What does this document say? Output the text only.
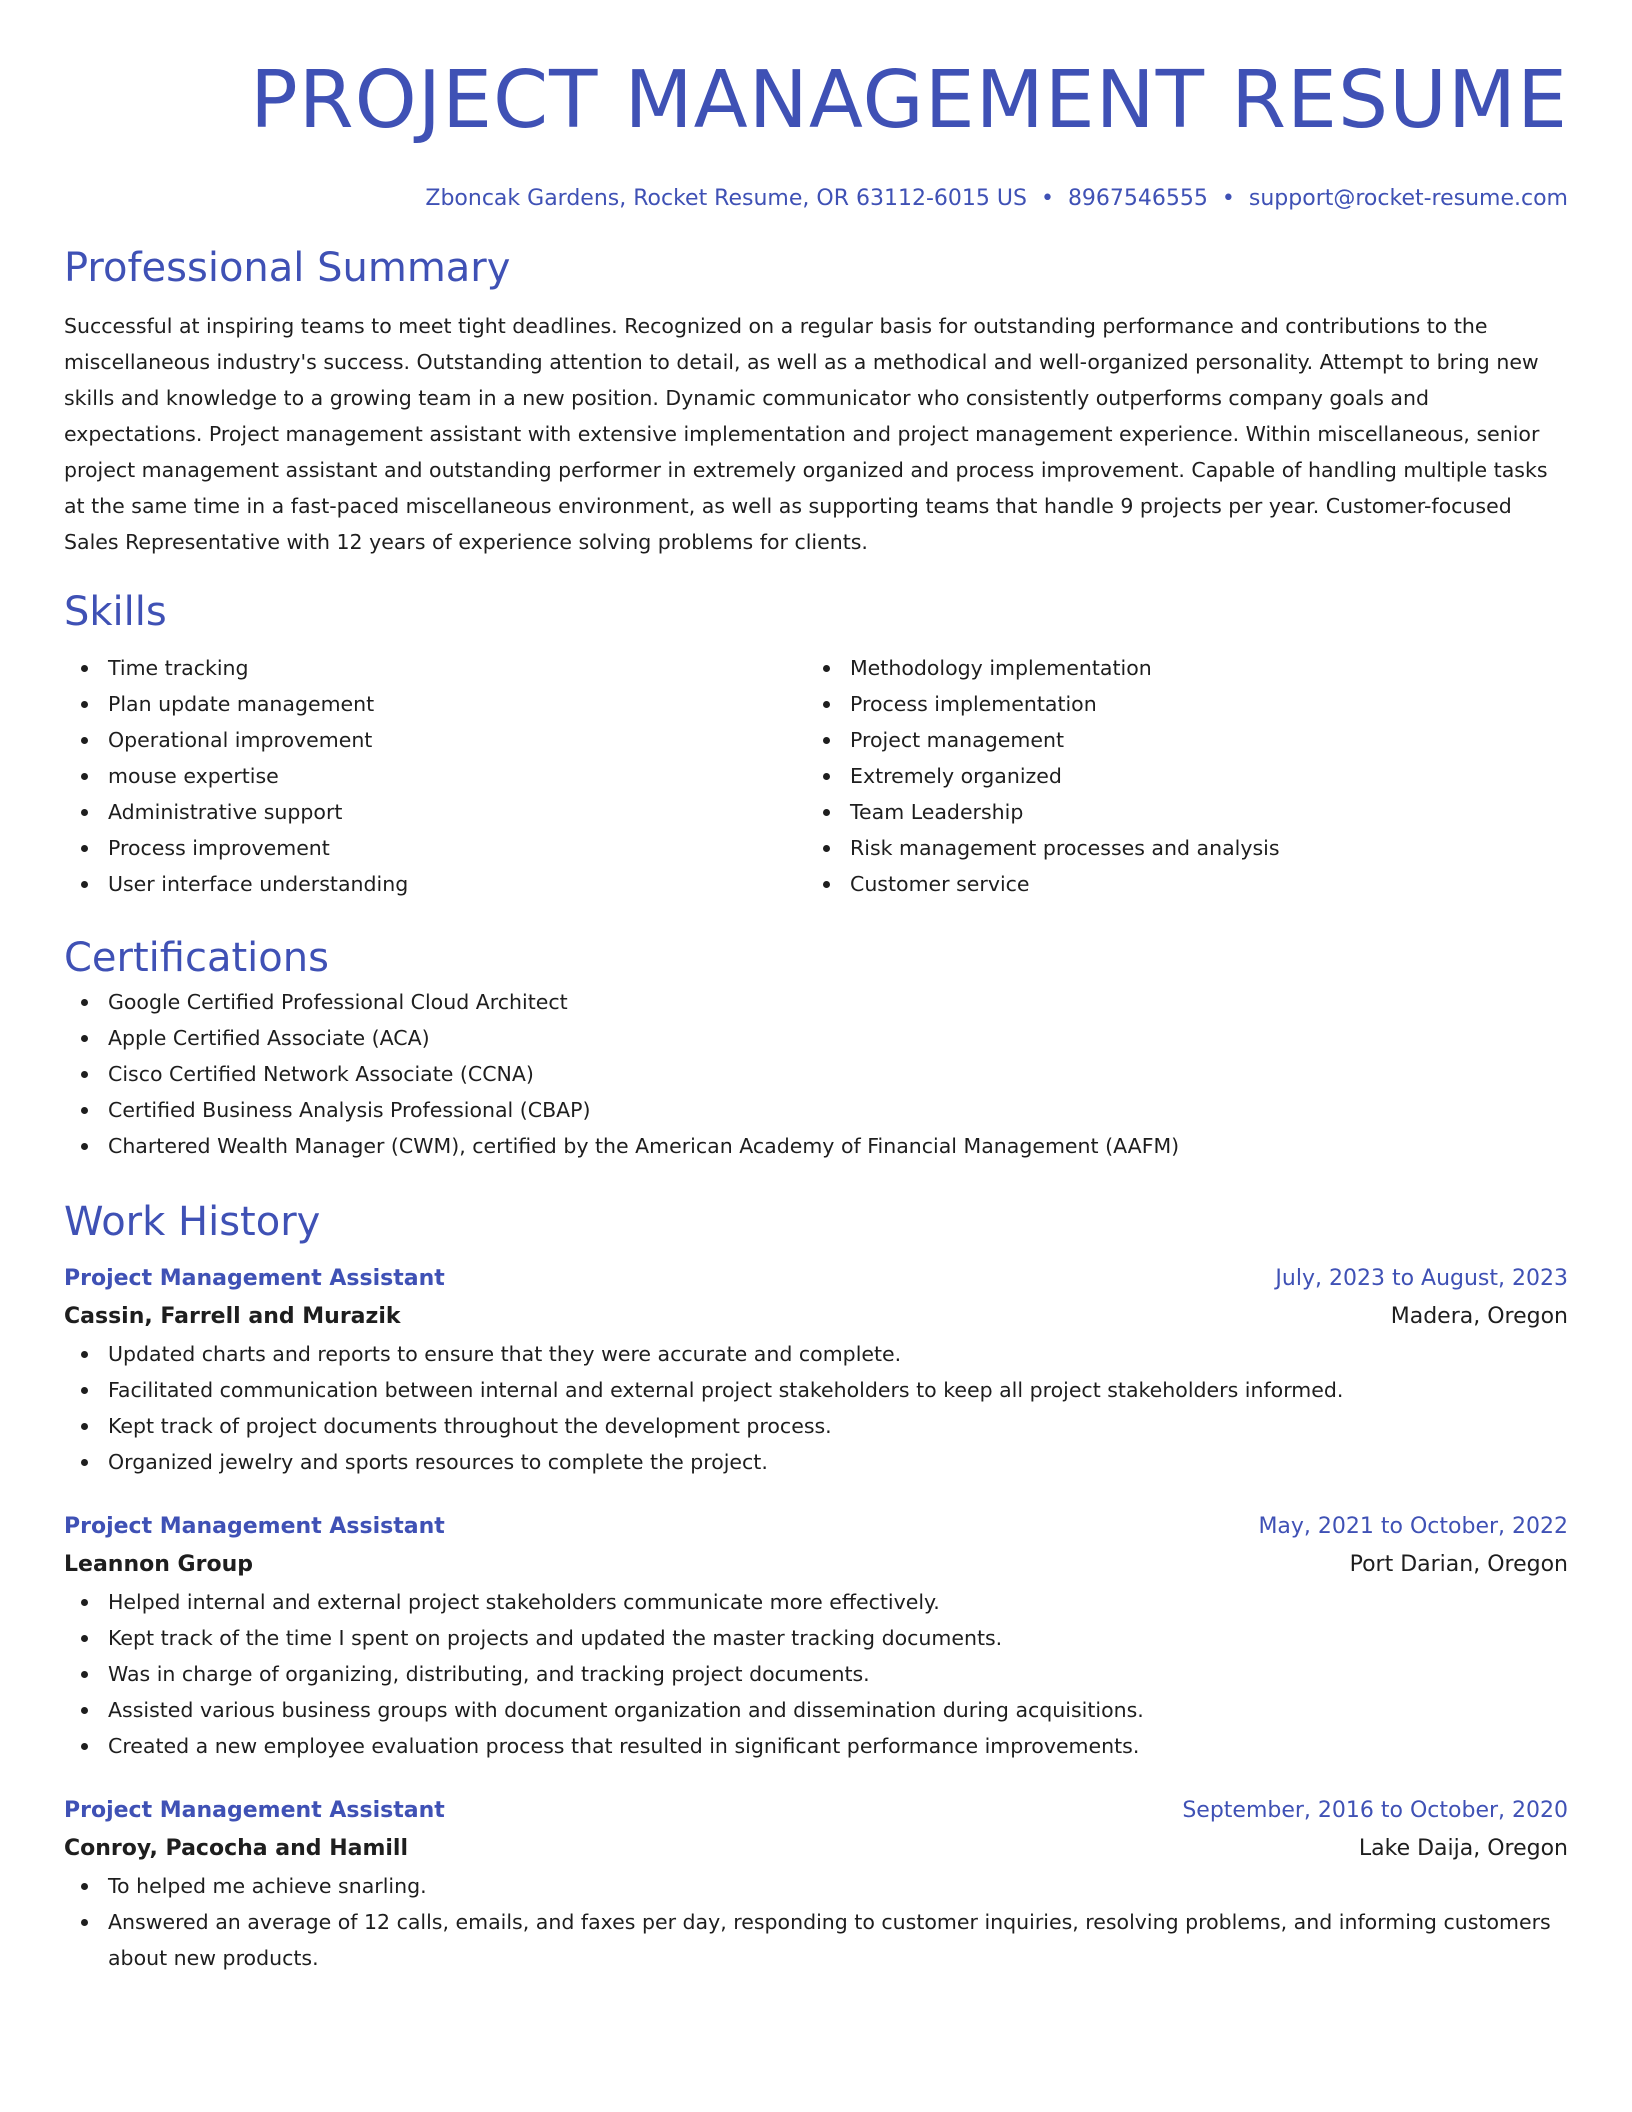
PROJECT MANAGEMENT RESUME
Zboncak Gardens, Rocket Resume, OR 63112-6015 US • 8967546555 • support@rocket-resume.com
Professional Summary

Successful at inspiring teams to meet tight deadlines. Recognized on a regular basis for outstanding performance and contributions to the miscellaneous industry's success. Outstanding attention to detail, as well as a methodical and well-organized personality. Attempt to bring new skills and knowledge to a growing team in a new position. Dynamic communicator who consistently outperforms company goals and expectations. Project management assistant with extensive implementation and project management experience. Within miscellaneous, senior project management assistant and outstanding performer in extremely organized and process improvement. Capable of handling multiple tasks at the same time in a fast-paced miscellaneous environment, as well as supporting teams that handle 9 projects per year. Customer-focused Sales Representative with 12 years of experience solving problems for clients.

Skills
Time tracking
Plan update management
Operational improvement
mouse expertise
Administrative support
Process improvement
User interface understanding
Methodology implementation
Process implementation
Project management
Extremely organized
Team Leadership
Risk management processes and analysis
Customer service
Certifications
Google Certified Professional Cloud Architect
Apple Certified Associate (ACA)
Cisco Certified Network Associate (CCNA)
Certified Business Analysis Professional (CBAP)
Chartered Wealth Manager (CWM), certified by the American Academy of Financial Management (AAFM)
Work History
Project Management Assistant	July, 2023 to August, 2023
Cassin, Farrell and Murazik	Madera, Oregon
Updated charts and reports to ensure that they were accurate and complete.
Facilitated communication between internal and external project stakeholders to keep all project stakeholders informed.
Kept track of project documents throughout the development process.
Organized jewelry and sports resources to complete the project.
Project Management Assistant	May, 2021 to October, 2022
Leannon Group	Port Darian, Oregon
Helped internal and external project stakeholders communicate more effectively.
Kept track of the time I spent on projects and updated the master tracking documents.
Was in charge of organizing, distributing, and tracking project documents.
Assisted various business groups with document organization and dissemination during acquisitions.
Created a new employee evaluation process that resulted in significant performance improvements.
Project Management Assistant	September, 2016 to October, 2020
Conroy, Pacocha and Hamill	Lake Daija, Oregon
To helped me achieve snarling.
Answered an average of 12 calls, emails, and faxes per day, responding to customer inquiries, resolving problems, and informing customers about new products.
